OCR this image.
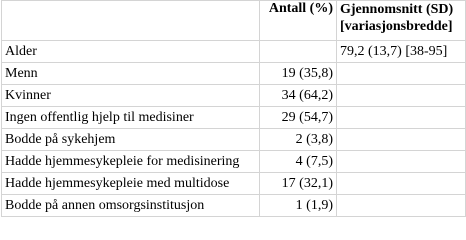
	Antall (%)	Gjennomsnitt (SD) [variasjonsbredde]
Alder		79,2 (13,7) [38-95]
Menn	19 (35,8)	
Kvinner	34 (64,2)	
Ingen offentlig hjelp til medisiner	29 (54,7)	
Bodde på sykehjem	2 (3,8)	
Hadde hjemmesykepleie for medisinering	4 (7,5)	
Hadde hjemmesykepleie med multidose	17 (32,1)	
Bodde på annen omsorgsinstitusjon	1 (1,9)	
